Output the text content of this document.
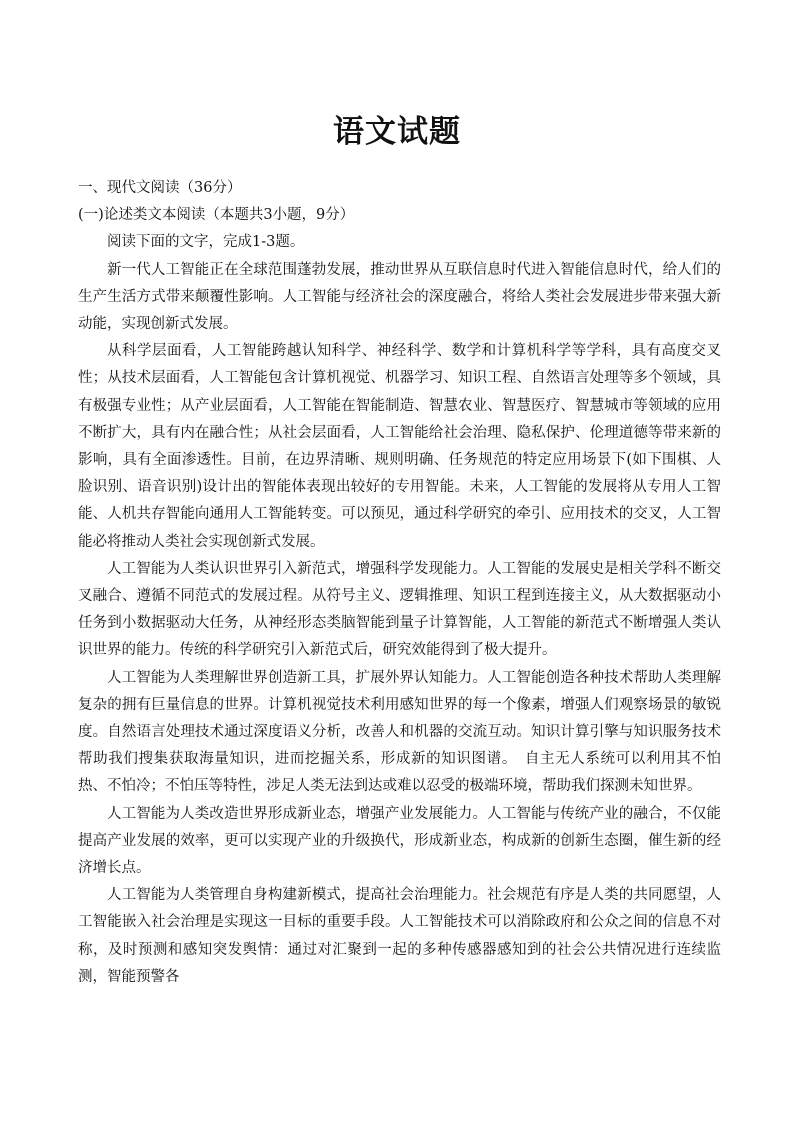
语文试题

一、现代文阅读（36分）

(一)论述类文本阅读（本题共3小题，9分）

阅读下面的文字，完成1-3题。

新一代人工智能正在全球范围蓬勃发展，推动世界从互联信息时代进入智能信息时代，给人们的生产生活方式带来颠覆性影响。人工智能与经济社会的深度融合，将给人类社会发展进步带来强大新动能，实现创新式发展。

从科学层面看，人工智能跨越认知科学、神经科学、数学和计算机科学等学科，具有高度交叉性；从技术层面看，人工智能包含计算机视觉、机器学习、知识工程、自然语言处理等多个领域，具有极强专业性；从产业层面看，人工智能在智能制造、智慧农业、智慧医疗、智慧城市等领域的应用不断扩大，具有内在融合性；从社会层面看，人工智能给社会治理、隐私保护、伦理道德等带来新的影响，具有全面渗透性。目前，在边界清晰、规则明确、任务规范的特定应用场景下(如下围棋、人脸识别、语音识别)设计出的智能体表现出较好的专用智能。未来，人工智能的发展将从专用人工智能、人机共存智能向通用人工智能转变。可以预见，通过科学研究的牵引、应用技术的交叉，人工智能必将推动人类社会实现创新式发展。

人工智能为人类认识世界引入新范式，增强科学发现能力。人工智能的发展史是相关学科不断交叉融合、遵循不同范式的发展过程。从符号主义、逻辑推理、知识工程到连接主义，从大数据驱动小任务到小数据驱动大任务，从神经形态类脑智能到量子计算智能，人工智能的新范式不断增强人类认识世界的能力。传统的科学研究引入新范式后，研究效能得到了极大提升。

人工智能为人类理解世界创造新工具，扩展外界认知能力。人工智能创造各种技术帮助人类理解复杂的拥有巨量信息的世界。计算机视觉技术利用感知世界的每一个像素，增强人们观察场景的敏锐度。自然语言处理技术通过深度语义分析，改善人和机器的交流互动。知识计算引擎与知识服务技术帮助我们搜集获取海量知识，进而挖掘关系，形成新的知识图谱。　自主无人系统可以利用其不怕热、不怕冷；不怕压等特性，涉足人类无法到达或难以忍受的极端环境，帮助我们探测未知世界。

人工智能为人类改造世界形成新业态，增强产业发展能力。人工智能与传统产业的融合，不仅能提高产业发展的效率，更可以实现产业的升级换代，形成新业态，构成新的创新生态圈，催生新的经济增长点。

人工智能为人类管理自身构建新模式，提高社会治理能力。社会规范有序是人类的共同愿望，人工智能嵌入社会治理是实现这一目标的重要手段。人工智能技术可以消除政府和公众之间的信息不对称，及时预测和感知突发舆情：通过对汇聚到一起的多种传感器感知到的社会公共情况进行连续监测，智能预警各
